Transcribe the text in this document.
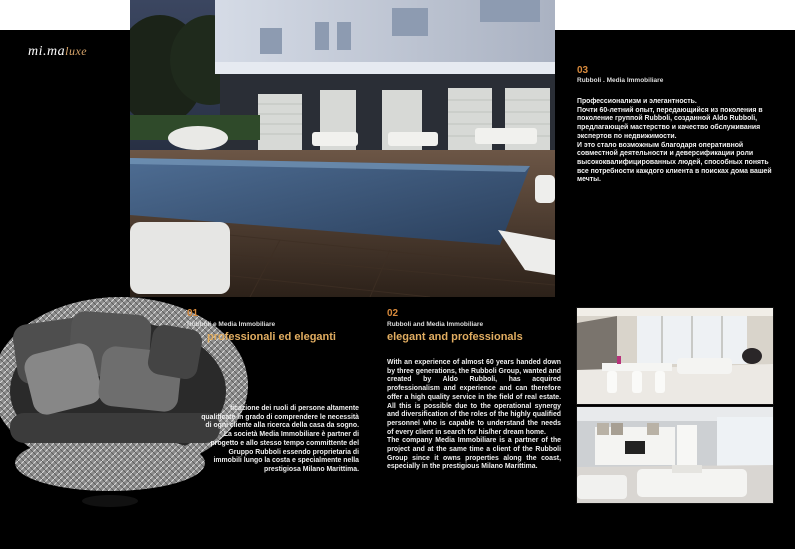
mi.maluxe
03
Rubboli . Media Immobiliare
Профессионализм и элегантность.
Почти 60-летний опыт, передающийся из поколения в поколение группой Rubboli, созданной Aldo Rubboli, предлагающей мастерство и качество обслуживания экспертов по недвижимости.
И это стало возможным благодаря оперативной совместной деятельности и деверсификации роли высококвалифицированных людей, способных понять все потребности каждого клиента в поисках дома вашей мечты.
01
Rubboli e Media Immobiliare
professionali ed eleganti
ficazione dei ruoli di persone altamente qualificate in grado di comprendere le necessità di ogni cliente alla ricerca della casa da sogno.
La società Media Immobiliare è partner di progetto e allo stesso tempo committente del Gruppo Rubboli essendo proprietaria di immobili lungo la costa e specialmente nella prestigiosa Milano Marittima.
02
Rubboli and Media Immobiliare
elegant and professionals
With an experience of almost 60 years handed down by three generations, the Rubboli Group, wanted and created by Aldo Rubboli, has acquired professionalism and experience and can therefore offer a high quality service in the field of real estate. All this is possible due to the operational synergy and diversification of the roles of the highly qualified personnel who is capable to understand the needs of every client in search for his/her dream home.
The company Media Immobiliare is a partner of the project and at the same time a client of the Rubboli Group since it owns properties along the coast, especially in the prestigious Milano Marittima.
